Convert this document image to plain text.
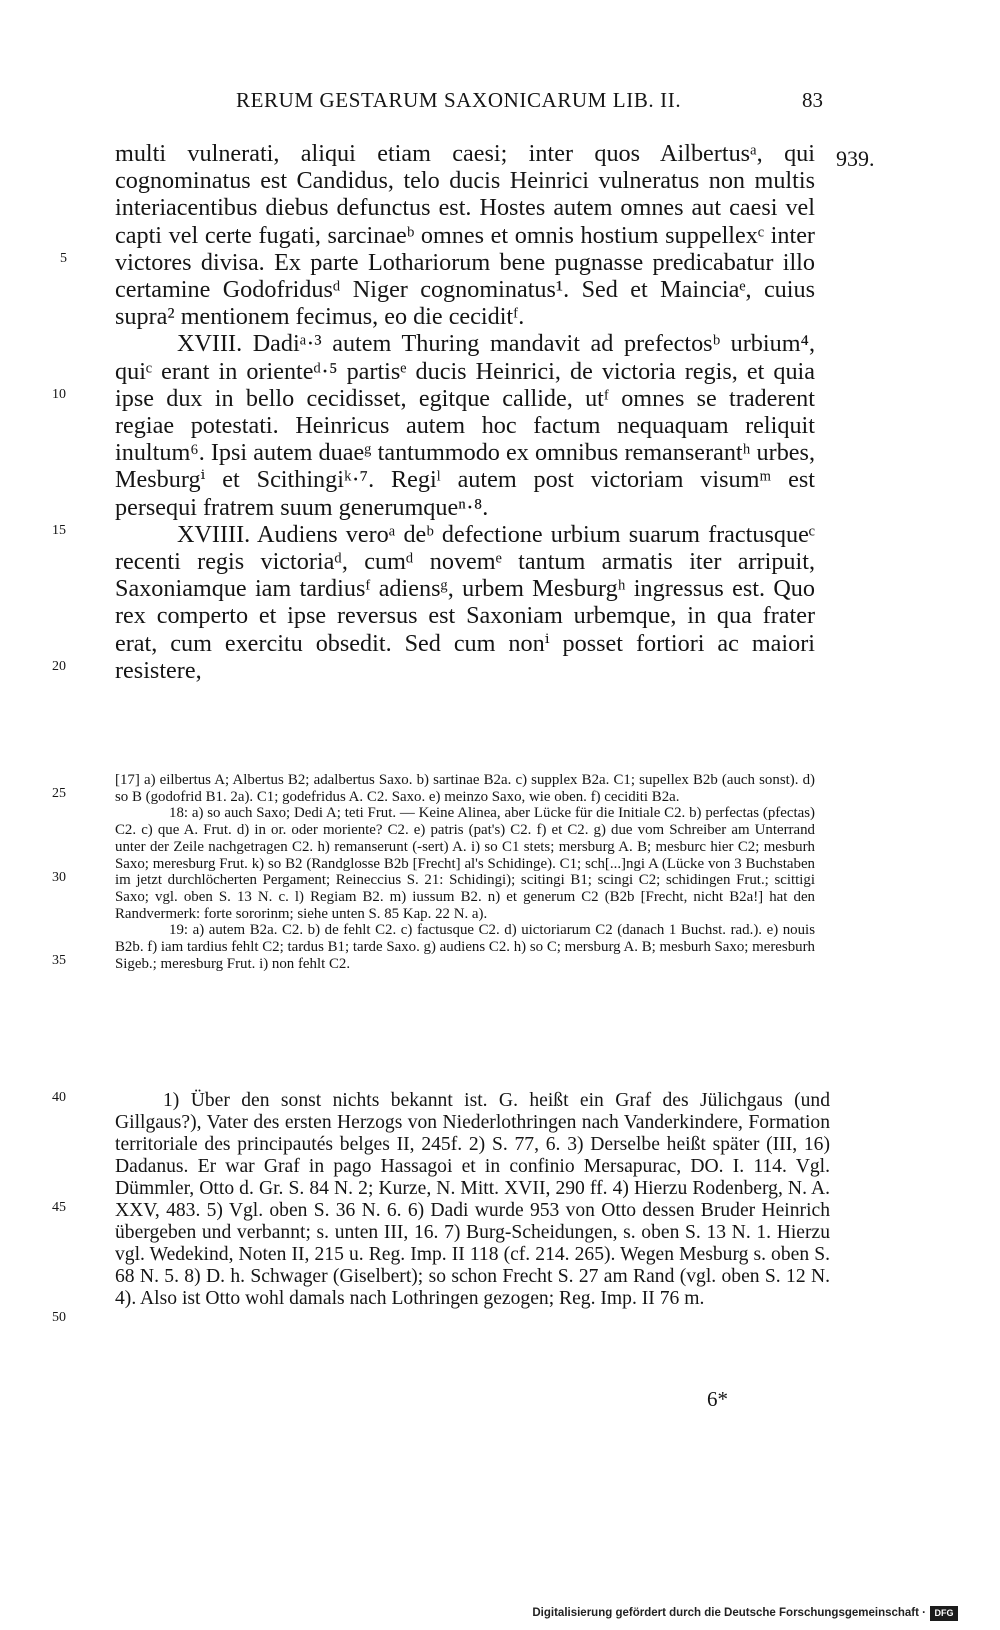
RERUM GESTARUM SAXONICARUM LIB. II.	83
939.
5
10
15
20
25
30
35
40
45
50

multi vulnerati, aliqui etiam caesi; inter quos Ailbertusᵃ, qui cognominatus est Candidus, telo ducis Heinrici vulneratus non multis interiacentibus diebus defunctus est. Hostes autem omnes aut caesi vel capti vel certe fugati, sarcinaeᵇ omnes et omnis hostium suppellexᶜ inter victores divisa. Ex parte Lothariorum bene pugnasse predicabatur illo certamine Godofridusᵈ Niger cognominatus¹. Sed et Mainciaᵉ, cuius supra² mentionem fecimus, eo die ceciditᶠ.

XVIII. Dadiᵃ·³ autem Thuring mandavit ad prefectosᵇ urbium⁴, quiᶜ erant in orienteᵈ·⁵ partisᵉ ducis Heinrici, de victoria regis, et quia ipse dux in bello cecidisset, egitque callide, utᶠ omnes se traderent regiae potestati. Heinricus autem hoc factum nequaquam reliquit inultum⁶. Ipsi autem duaeᵍ tantummodo ex omnibus remanserantʰ urbes, Mesburgⁱ et Scithingiᵏ·⁷. Regiˡ autem post victoriam visumᵐ est persequi fratrem suum generumqueⁿ·⁸.

XVIIII. Audiens veroᵃ deᵇ defectione urbium suarum fractusqueᶜ recenti regis victoriaᵈ, cumᵈ novemᵉ tantum armatis iter arripuit, Saxoniamque iam tardiusᶠ adiensᵍ, urbem Mesburgʰ ingressus est. Quo rex comperto et ipse reversus est Saxoniam urbemque, in qua frater erat, cum exercitu obsedit. Sed cum nonⁱ posset fortiori ac maiori resistere,

[17] a) eilbertus A; Albertus B2; adalbertus Saxo. b) sartinae B2a. c) supplex B2a. C1; supellex B2b (auch sonst). d) so B (godofrid B1. 2a). C1; godefridus A. C2. Saxo. e) meinzo Saxo, wie oben. f) ceciditi B2a.

18: a) so auch Saxo; Dedi A; teti Frut. — Keine Alinea, aber Lücke für die Initiale C2. b) perfectas (pfectas) C2. c) que A. Frut. d) in or. oder moriente? C2. e) patris (pat's) C2. f) et C2. g) due vom Schreiber am Unterrand unter der Zeile nachgetragen C2. h) remanserunt (-sert) A. i) so C1 stets; mersburg A. B; mesburc hier C2; mesburh Saxo; meresburg Frut. k) so B2 (Randglosse B2b [Frecht] al's Schidinge). C1; sch[...]ngi A (Lücke von 3 Buchstaben im jetzt durchlöcherten Pergament; Reineccius S. 21: Schidingi); scitingi B1; scingi C2; schidingen Frut.; scittigi Saxo; vgl. oben S. 13 N. c. l) Regiam B2. m) iussum B2. n) et generum C2 (B2b [Frecht, nicht B2a!] hat den Randvermerk: forte sororinm; siehe unten S. 85 Kap. 22 N. a).

19: a) autem B2a. C2. b) de fehlt C2. c) factusque C2. d) uictoriarum C2 (danach 1 Buchst. rad.). e) nouis B2b. f) iam tardius fehlt C2; tardus B1; tarde Saxo. g) audiens C2. h) so C; mersburg A. B; mesburh Saxo; meresburh Sigeb.; meresburg Frut. i) non fehlt C2.

1) Über den sonst nichts bekannt ist. G. heißt ein Graf des Jülichgaus (und Gillgaus?), Vater des ersten Herzogs von Niederlothringen nach Vanderkindere, Formation territoriale des principautés belges II, 245f. 2) S. 77, 6. 3) Derselbe heißt später (III, 16) Dadanus. Er war Graf in pago Hassagoi et in confinio Mersapurac, DO. I. 114. Vgl. Dümmler, Otto d. Gr. S. 84 N. 2; Kurze, N. Mitt. XVII, 290 ff. 4) Hierzu Rodenberg, N. A. XXV, 483. 5) Vgl. oben S. 36 N. 6. 6) Dadi wurde 953 von Otto dessen Bruder Heinrich übergeben und verbannt; s. unten III, 16. 7) Burg-Scheidungen, s. oben S. 13 N. 1. Hierzu vgl. Wedekind, Noten II, 215 u. Reg. Imp. II 118 (cf. 214. 265). Wegen Mesburg s. oben S. 68 N. 5. 8) D. h. Schwager (Giselbert); so schon Frecht S. 27 am Rand (vgl. oben S. 12 N. 4). Also ist Otto wohl damals nach Lothringen gezogen; Reg. Imp. II 76 m.

6*
Digitalisierung gefördert durch die Deutsche Forschungsgemeinschaft · DFG
